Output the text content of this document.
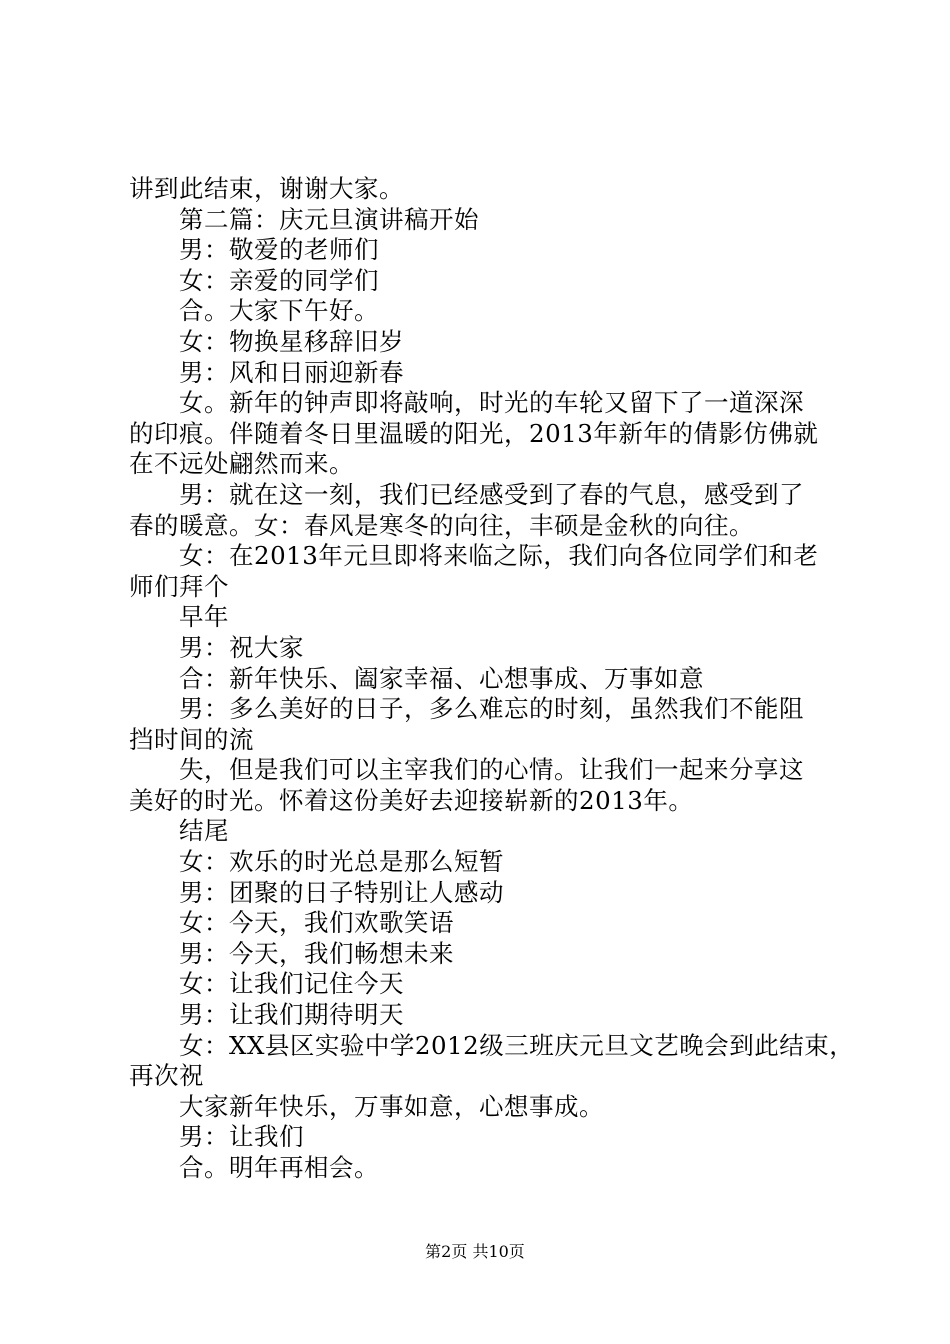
讲到此结束，谢谢大家。
第二篇：庆元旦演讲稿开始
男：敬爱的老师们
女：亲爱的同学们
合。大家下午好。
女：物换星移辞旧岁
男：风和日丽迎新春
女。新年的钟声即将敲响，时光的车轮又留下了一道深深
的印痕。伴随着冬日里温暖的阳光，2013年新年的倩影仿佛就
在不远处翩然而来。
男：就在这一刻，我们已经感受到了春的气息，感受到了
春的暖意。女：春风是寒冬的向往，丰硕是金秋的向往。
女：在2013年元旦即将来临之际，我们向各位同学们和老
师们拜个
早年
男：祝大家
合：新年快乐、阖家幸福、心想事成、万事如意
男：多么美好的日子，多么难忘的时刻，虽然我们不能阻
挡时间的流
失，但是我们可以主宰我们的心情。让我们一起来分享这
美好的时光。怀着这份美好去迎接崭新的2013年。
结尾
女：欢乐的时光总是那么短暂
男：团聚的日子特别让人感动
女：今天，我们欢歌笑语
男：今天，我们畅想未来
女：让我们记住今天
男：让我们期待明天
女：XX县区实验中学2012级三班庆元旦文艺晚会到此结束，
再次祝
大家新年快乐，万事如意，心想事成。
男：让我们
合。明年再相会。
第2页 共10页
